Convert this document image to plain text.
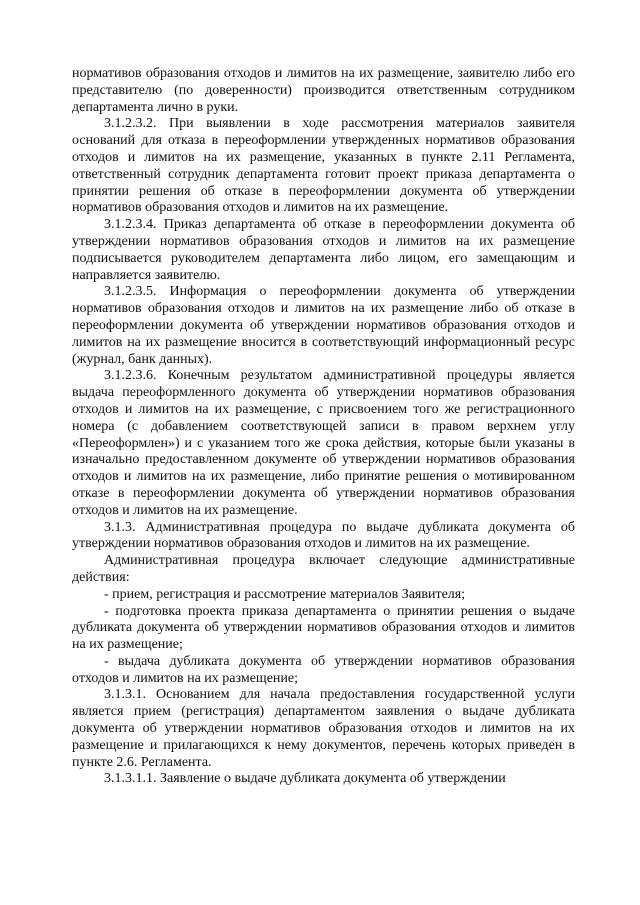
нормативов образования отходов и лимитов на их размещение, заявителю либо его представителю (по доверенности) производится ответственным сотрудником департамента лично в руки.

3.1.2.3.2. При выявлении в ходе рассмотрения материалов заявителя оснований для отказа в переоформлении утвержденных нормативов образования отходов и лимитов на их размещение, указанных в пункте 2.11 Регламента, ответственный сотрудник департамента готовит проект приказа департамента о принятии решения об отказе в переоформлении документа об утверждении нормативов образования отходов и лимитов на их размещение.

3.1.2.3.4. Приказ департамента об отказе в переоформлении документа об утверждении нормативов образования отходов и лимитов на их размещение подписывается руководителем департамента либо лицом, его замещающим и направляется заявителю.

3.1.2.3.5. Информация о переоформлении документа об утверждении нормативов образования отходов и лимитов на их размещение либо об отказе в переоформлении документа об утверждении нормативов образования отходов и лимитов на их размещение вносится в соответствующий информационный ресурс (журнал, банк данных).

3.1.2.3.6. Конечным результатом административной процедуры является выдача переоформленного документа об утверждении нормативов образования отходов и лимитов на их размещение, с присвоением того же регистрационного номера (с добавлением соответствующей записи в правом верхнем углу «Переоформлен») и с указанием того же срока действия, которые были указаны в изначально предоставленном документе об утверждении нормативов образования отходов и лимитов на их размещение, либо принятие решения о мотивированном отказе в переоформлении документа об утверждении нормативов образования отходов и лимитов на их размещение.

3.1.3. Административная процедура по выдаче дубликата документа об утверждении нормативов образования отходов и лимитов на их размещение.

Административная процедура включает следующие административные действия:

- прием, регистрация и рассмотрение материалов Заявителя;

- подготовка проекта приказа департамента о принятии решения о выдаче дубликата документа об утверждении нормативов образования отходов и лимитов на их размещение;

- выдача дубликата документа об утверждении нормативов образования отходов и лимитов на их размещение;

3.1.3.1. Основанием для начала предоставления государственной услуги является прием (регистрация) департаментом заявления о выдаче дубликата документа об утверждении нормативов образования отходов и лимитов на их размещение и прилагающихся к нему документов, перечень которых приведен в пункте 2.6. Регламента.

3.1.3.1.1. Заявление о выдаче дубликата документа об утверждении
